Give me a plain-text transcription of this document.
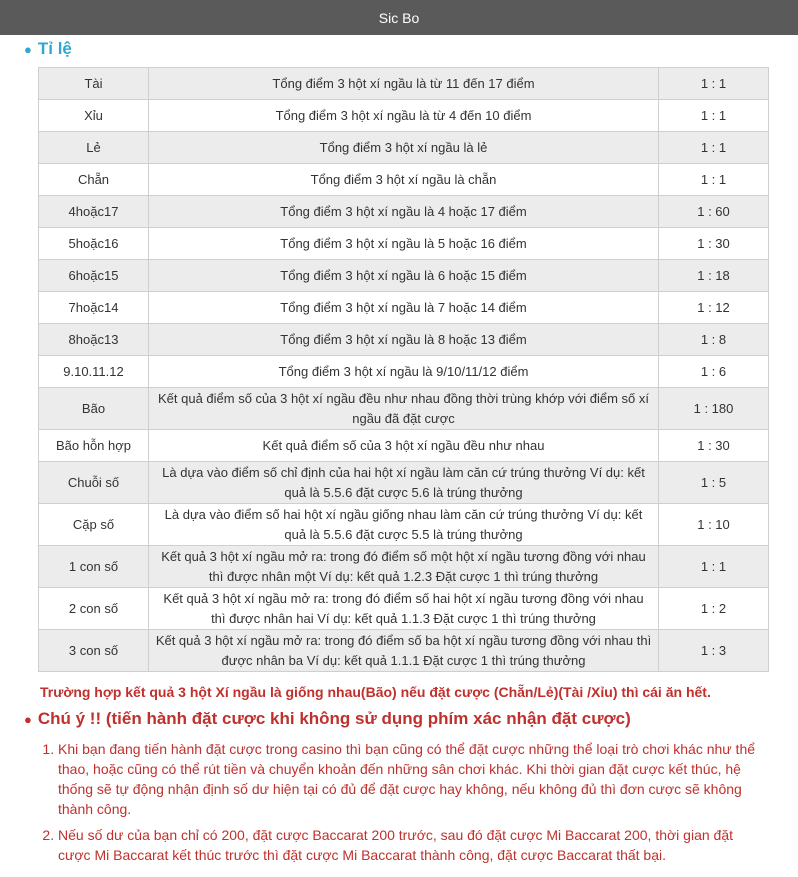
Sic Bo
● Tỉ lệ
Tài	Tổng điểm 3 hột xí ngầu là từ 11 đến 17 điểm	1 : 1
Xỉu	Tổng điểm 3 hột xí ngầu là từ 4 đến 10 điểm	1 : 1
Lẻ	Tổng điểm 3 hột xí ngầu là lẻ	1 : 1
Chẵn	Tổng điểm 3 hột xí ngầu là chẵn	1 : 1
4hoặc17	Tổng điểm 3 hột xí ngầu là 4 hoặc 17 điểm	1 : 60
5hoặc16	Tổng điểm 3 hột xí ngầu là 5 hoặc 16 điểm	1 : 30
6hoặc15	Tổng điểm 3 hột xí ngầu là 6 hoặc 15 điểm	1 : 18
7hoặc14	Tổng điểm 3 hột xí ngầu là 7 hoặc 14 điểm	1 : 12
8hoặc13	Tổng điểm 3 hột xí ngầu là 8 hoặc 13 điểm	1 : 8
9.10.11.12	Tổng điểm 3 hột xí ngầu là 9/10/11/12 điểm	1 : 6
Bão	Kết quả điểm số của 3 hột xí ngầu đều như nhau đồng thời trùng khớp với điểm số xí ngầu đã đặt cược	1 : 180
Bão hỗn hợp	Kết quả điểm số của 3 hột xí ngầu đều như nhau	1 : 30
Chuỗi số	Là dựa vào điểm số chỉ định của hai hột xí ngầu làm căn cứ trúng thưởng Ví dụ: kết quả là 5.5.6 đặt cược 5.6 là trúng thưởng	1 : 5
Cặp số	Là dựa vào điểm số hai hột xí ngầu giống nhau làm căn cứ trúng thưởng Ví dụ: kết quả là 5.5.6 đặt cược 5.5 là trúng thưởng	1 : 10
1 con số	Kết quả 3 hột xí ngầu mở ra: trong đó điểm số một hột xí ngầu tương đồng với nhau thì được nhân một Ví dụ: kết quả 1.2.3 Đặt cược 1 thì trúng thưởng	1 : 1
2 con số	Kết quả 3 hột xí ngầu mở ra: trong đó điểm số hai hột xí ngầu tương đồng với nhau thì được nhân hai Ví dụ: kết quả 1.1.3 Đặt cược 1 thì trúng thưởng	1 : 2
3 con số	Kết quả 3 hột xí ngầu mở ra: trong đó điểm số ba hột xí ngầu tương đồng với nhau thì được nhân ba Ví dụ: kết quả 1.1.1 Đặt cược 1 thì trúng thưởng	1 : 3
Trường hợp kết quả 3 hột Xí ngầu là giống nhau(Bão) nếu đặt cược (Chẵn/Lẻ)(Tài /Xỉu) thì cái ăn hết.
● Chú ý !! (tiến hành đặt cược khi không sử dụng phím xác nhận đặt cược)
1. Khi bạn đang tiến hành đặt cược trong casino thì bạn cũng có thể đặt cược những thể loại trò chơi khác như thể thao, hoặc cũng có thể rút tiền và chuyển khoản đến những sân chơi khác. Khi thời gian đặt cược kết thúc, hệ thống sẽ tự động nhận định số dư hiện tại có đủ để đặt cược hay không, nếu không đủ thì đơn cược sẽ không thành công.
2. Nếu số dư của bạn chỉ có 200, đặt cược Baccarat 200 trước, sau đó đặt cược Mi Baccarat 200, thời gian đặt cược Mi Baccarat kết thúc trước thì đặt cược Mi Baccarat thành công, đặt cược Baccarat thất bại.
